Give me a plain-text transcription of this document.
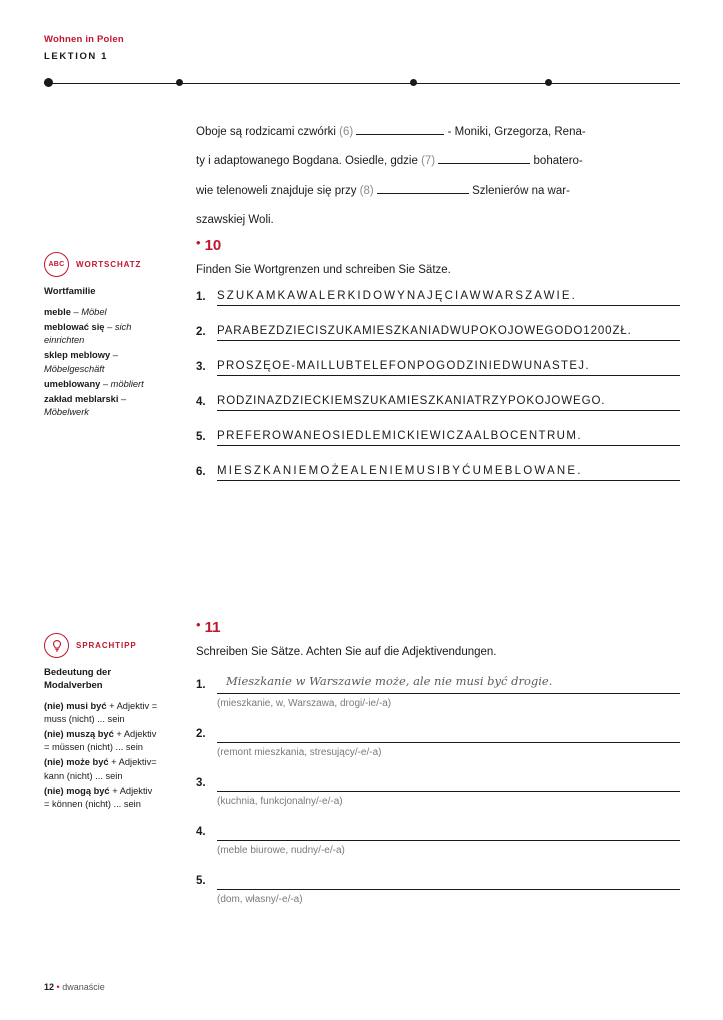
Wohnen in Polen
LEKTION 1
Oboje są rodzicami czwórki (6)	- Moniki, Grzegorza, Rena-
ty i adaptowanego Bogdana. Osiedle, gdzie (7)	bohatero-
wie telenoweli znajduje się przy (8)	Szlenierów na war-
szawskiej Woli.
ABC	WORTSCHATZ
Wortfamilie
meble – Möbel
meblować się – sich einrichten
sklep meblowy – Möbelgeschäft
umeblowany – möbliert
zakład meblarski – Möbelwerk
SPRACHTIPP
Bedeutung der Modalverben
(nie) musi być + Adjektiv = muss (nicht) ... sein
(nie) muszą być + Adjektiv = müssen (nicht) ... sein
(nie) może być + Adjektiv= kann (nicht) ... sein
(nie) mogą być + Adjektiv = können (nicht) ... sein
• 10
Finden Sie Wortgrenzen und schreiben Sie Sätze.
1. SZUKAMKAWALERKIDOWYNAJĘCIAWWARSZAWIE.
2. PARABEZDZIECISZUKAMIESZKANIADWUPOKOJOWEGODO1200ZŁ.
3. PROSZĘOE-MAILLUBTELEFONPOGODZINIEDWUNASTEJ.
4. RODZINAZDZIECKIEMSZUKAMIESZKANIATRZYPOKOJOWEGO.
5. PREFEROWANEOSIEDLEMICKIEWICZAALBOCENTRUM.
6. MIESZKANIEMOŻEALENIEMUSIBYĆUMEBLOWANE.
• 11
Schreiben Sie Sätze. Achten Sie auf die Adjektivendungen.
1.	Mieszkanie w Warszawie może, ale nie musi być drogie.
(mieszkanie, w, Warszawa, drogi/-ie/-a)
2.
(remont mieszkania, stresujący/-e/-a)
3.
(kuchnia, funkcjonalny/-e/-a)
4.
(meble biurowe, nudny/-e/-a)
5.
(dom, własny/-e/-a)
12 • dwanaście
